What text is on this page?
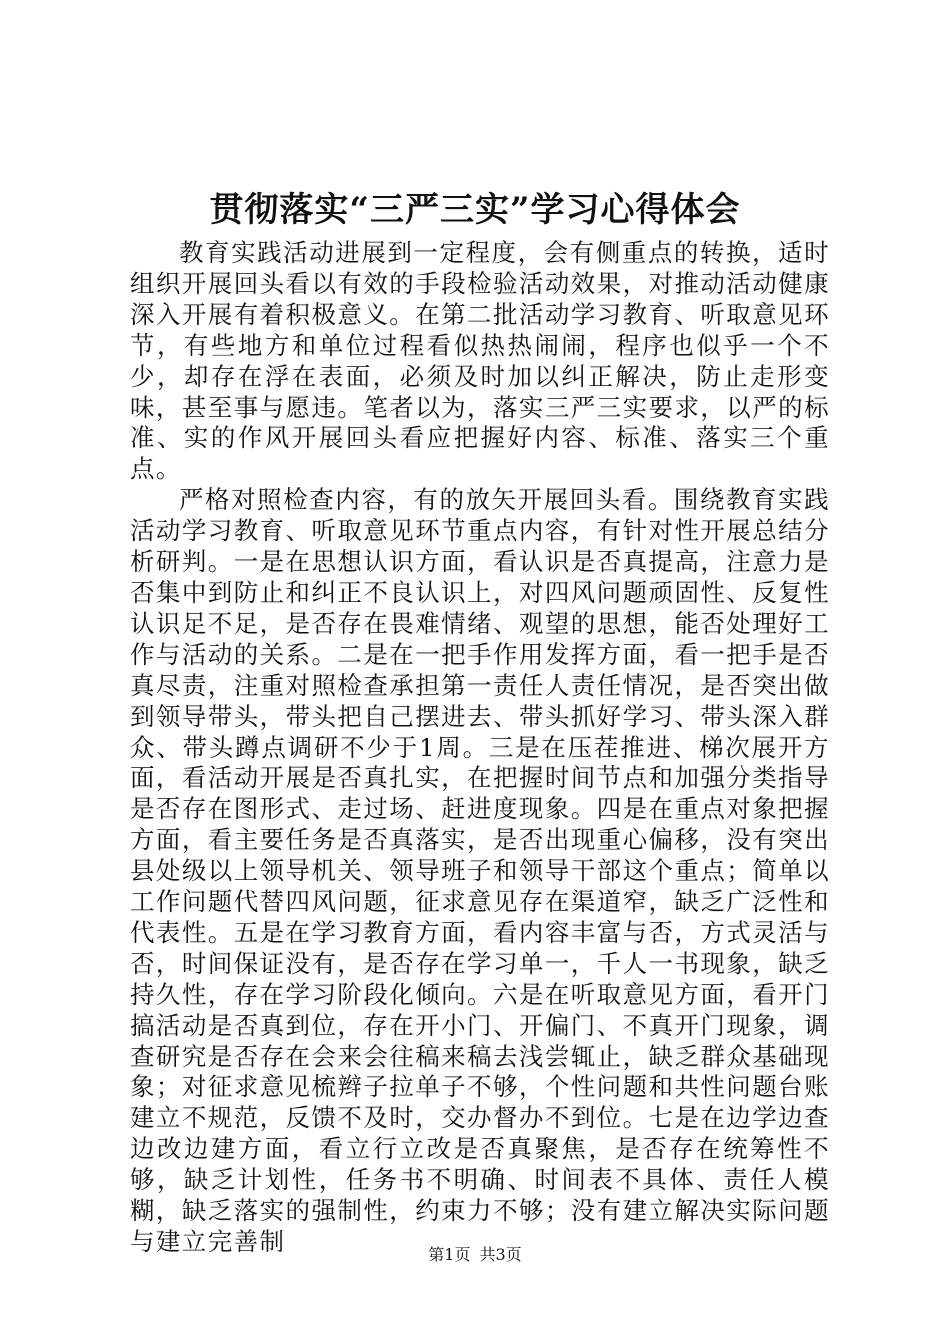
贯彻落实“三严三实”学习心得体会

教育实践活动进展到一定程度，会有侧重点的转换，适时组织开展回头看以有效的手段检验活动效果，对推动活动健康深入开展有着积极意义。在第二批活动学习教育、听取意见环节，有些地方和单位过程看似热热闹闹，程序也似乎一个不少，却存在浮在表面，必须及时加以纠正解决，防止走形变味，甚至事与愿违。笔者以为，落实三严三实要求，以严的标准、实的作风开展回头看应把握好内容、标准、落实三个重点。

严格对照检查内容，有的放矢开展回头看。围绕教育实践活动学习教育、听取意见环节重点内容，有针对性开展总结分析研判。一是在思想认识方面，看认识是否真提高，注意力是否集中到防止和纠正不良认识上，对四风问题顽固性、反复性认识足不足，是否存在畏难情绪、观望的思想，能否处理好工作与活动的关系。二是在一把手作用发挥方面，看一把手是否真尽责，注重对照检查承担第一责任人责任情况，是否突出做到领导带头，带头把自己摆进去、带头抓好学习、带头深入群众、带头蹲点调研不少于1周。三是在压茬推进、梯次展开方面，看活动开展是否真扎实，在把握时间节点和加强分类指导是否存在图形式、走过场、赶进度现象。四是在重点对象把握方面，看主要任务是否真落实，是否出现重心偏移，没有突出县处级以上领导机关、领导班子和领导干部这个重点；简单以工作问题代替四风问题，征求意见存在渠道窄，缺乏广泛性和代表性。五是在学习教育方面，看内容丰富与否，方式灵活与否，时间保证没有，是否存在学习单一，千人一书现象，缺乏持久性，存在学习阶段化倾向。六是在听取意见方面，看开门搞活动是否真到位，存在开小门、开偏门、不真开门现象，调查研究是否存在会来会往稿来稿去浅尝辄止，缺乏群众基础现象；对征求意见梳辫子拉单子不够，个性问题和共性问题台账建立不规范，反馈不及时，交办督办不到位。七是在边学边查边改边建方面，看立行立改是否真聚焦，是否存在统筹性不够，缺乏计划性，任务书不明确、时间表不具体、责任人模糊，缺乏落实的强制性，约束力不够；没有建立解决实际问题与建立完善制	第1页 共3页
